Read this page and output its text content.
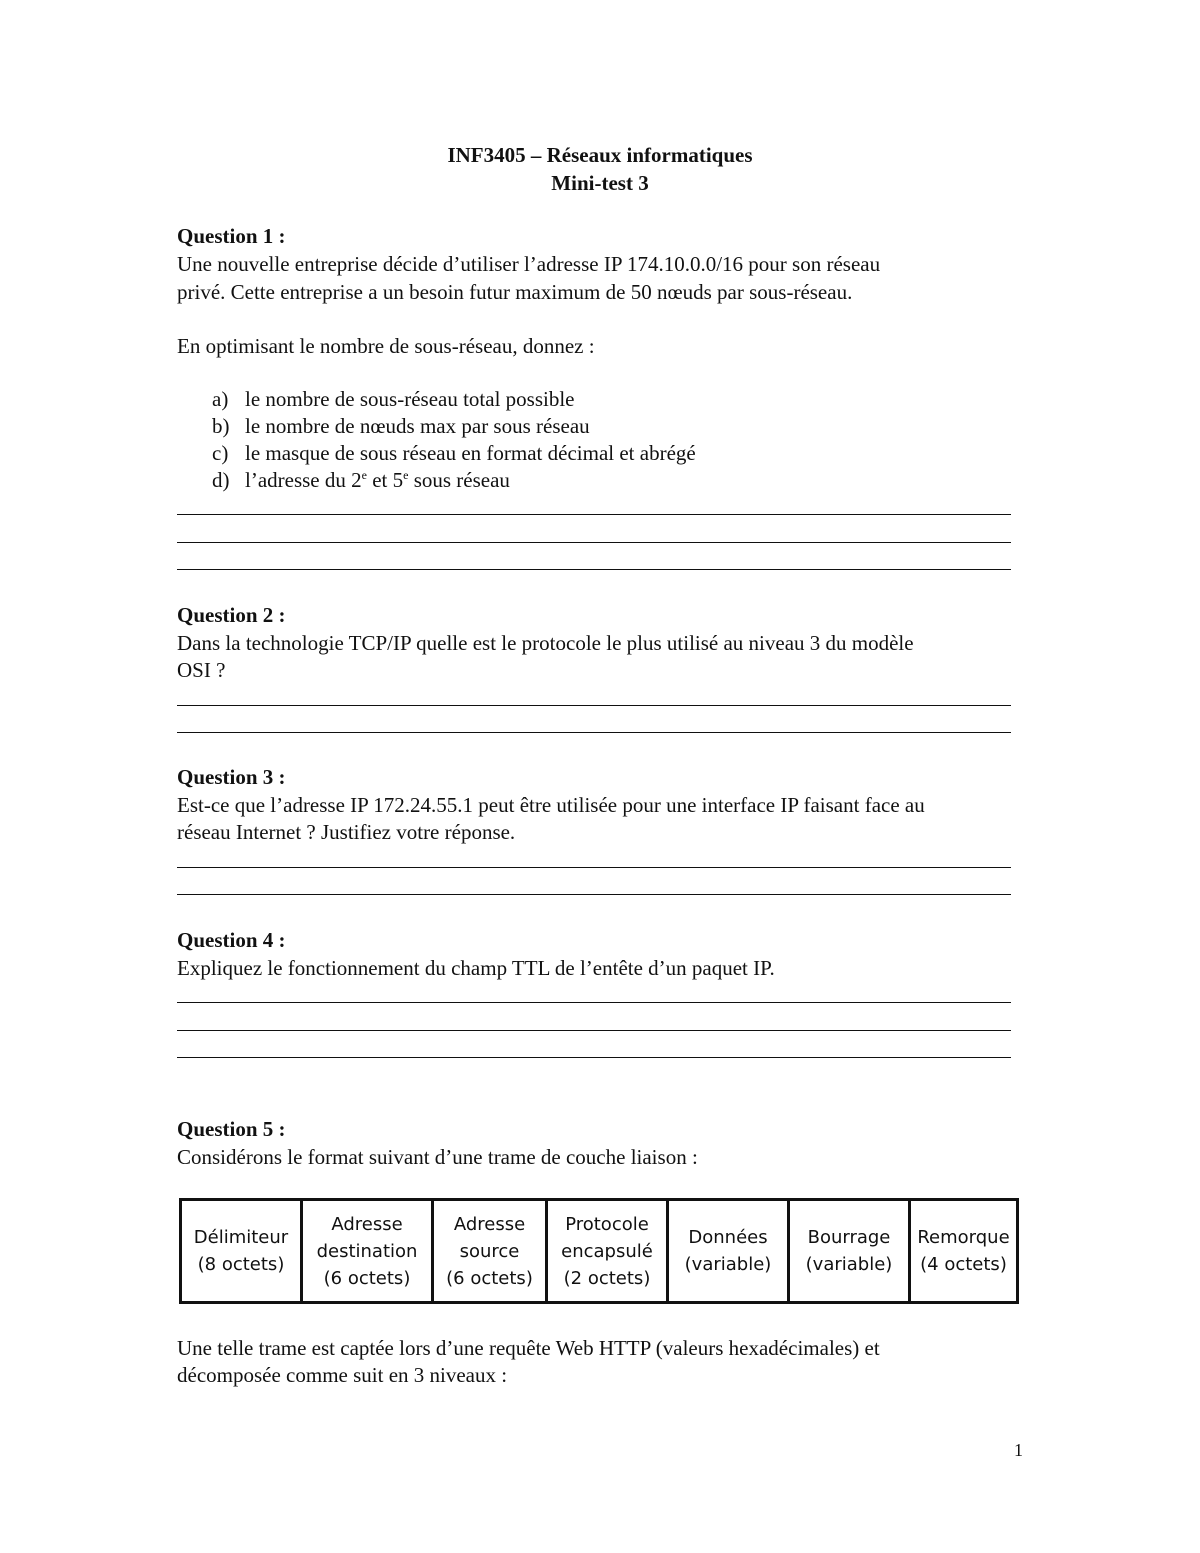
INF3405 – Réseaux informatiques
Mini-test 3
Question 1 :
Une nouvelle entreprise décide d’utiliser l’adresse IP 174.10.0.0/16 pour son réseau
privé. Cette entreprise a un besoin futur maximum de 50 nœuds par sous-réseau.
En optimisant le nombre de sous-réseau, donnez :
a) le nombre de sous-réseau total possible
b) le nombre de nœuds max par sous réseau
c) le masque de sous réseau en format décimal et abrégé
d) l’adresse du 2e et 5e sous réseau
Question 2 :
Dans la technologie TCP/IP quelle est le protocole le plus utilisé au niveau 3 du modèle
OSI ?
Question 3 :
Est-ce que l’adresse IP 172.24.55.1 peut être utilisée pour une interface IP faisant face au
réseau Internet ? Justifiez votre réponse.
Question 4 :
Expliquez le fonctionnement du champ TTL de l’entête d’un paquet IP.
Question 5 :
Considérons le format suivant d’une trame de couche liaison :
Délimiteur
(8 octets)

Adresse
destination
(6 octets)

Adresse
source
(6 octets)

Protocole
encapsulé
(2 octets)

Données
(variable)

Bourrage
(variable)

Remorque
(4 octets)
Une telle trame est captée lors d’une requête Web HTTP (valeurs hexadécimales) et
décomposée comme suit en 3 niveaux :
1
